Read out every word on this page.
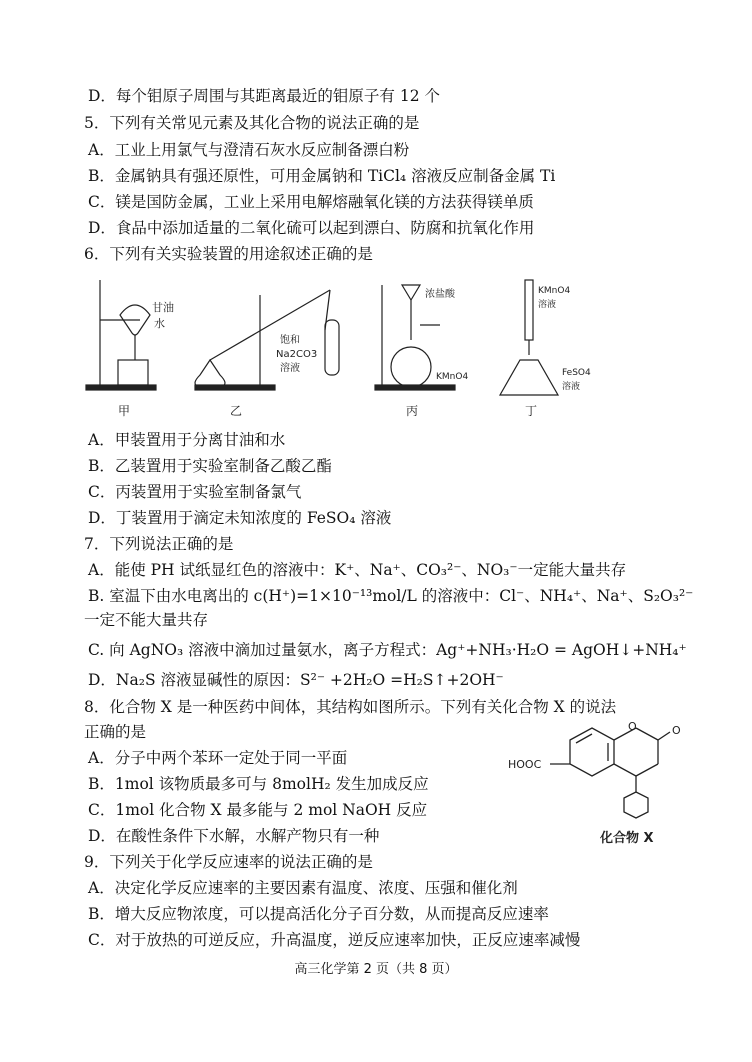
D．每个钼原子周围与其距离最近的钼原子有 12 个
5．下列有关常见元素及其化合物的说法正确的是
A．工业上用氯气与澄清石灰水反应制备漂白粉
B．金属钠具有强还原性，可用金属钠和 TiCl₄ 溶液反应制备金属 Ti
C．镁是国防金属，工业上采用电解熔融氧化镁的方法获得镁单质
D．食品中添加适量的二氧化硫可以起到漂白、防腐和抗氧化作用
6．下列有关实验装置的用途叙述正确的是
甘油
水
甲
饱和
Na2CO3
溶液
乙
浓盐酸
KMnO4
丙
KMnO4
溶液
FeSO4
溶液
丁
A．甲装置用于分离甘油和水
B．乙装置用于实验室制备乙酸乙酯
C．丙装置用于实验室制备氯气
D．丁装置用于滴定未知浓度的 FeSO₄ 溶液
7．下列说法正确的是
A．能使 PH 试纸显红色的溶液中：K⁺、Na⁺、CO₃²⁻、NO₃⁻一定能大量共存
B. 室温下由水电离出的 c(H⁺)=1×10⁻¹³mol/L 的溶液中：Cl⁻、NH₄⁺、Na⁺、S₂O₃²⁻
一定不能大量共存
C. 向 AgNO₃ 溶液中滴加过量氨水，离子方程式：Ag⁺+NH₃·H₂O = AgOH↓+NH₄⁺
D．Na₂S 溶液显碱性的原因：S²⁻ +2H₂O =H₂S↑+2OH⁻
8．化合物 X 是一种医药中间体，其结构如图所示。下列有关化合物 X 的说法
正确的是
A．分子中两个苯环一定处于同一平面
B．1mol 该物质最多可与 8molH₂ 发生加成反应
C．1mol 化合物 X 最多能与 2 mol NaOH 反应
D．在酸性条件下水解，水解产物只有一种
O	O
HOOC
化合物 X
9．下列关于化学反应速率的说法正确的是
A．决定化学反应速率的主要因素有温度、浓度、压强和催化剂
B．增大反应物浓度，可以提高活化分子百分数，从而提高反应速率
C．对于放热的可逆反应，升高温度，逆反应速率加快，正反应速率减慢
高三化学第 2 页（共 8 页）
